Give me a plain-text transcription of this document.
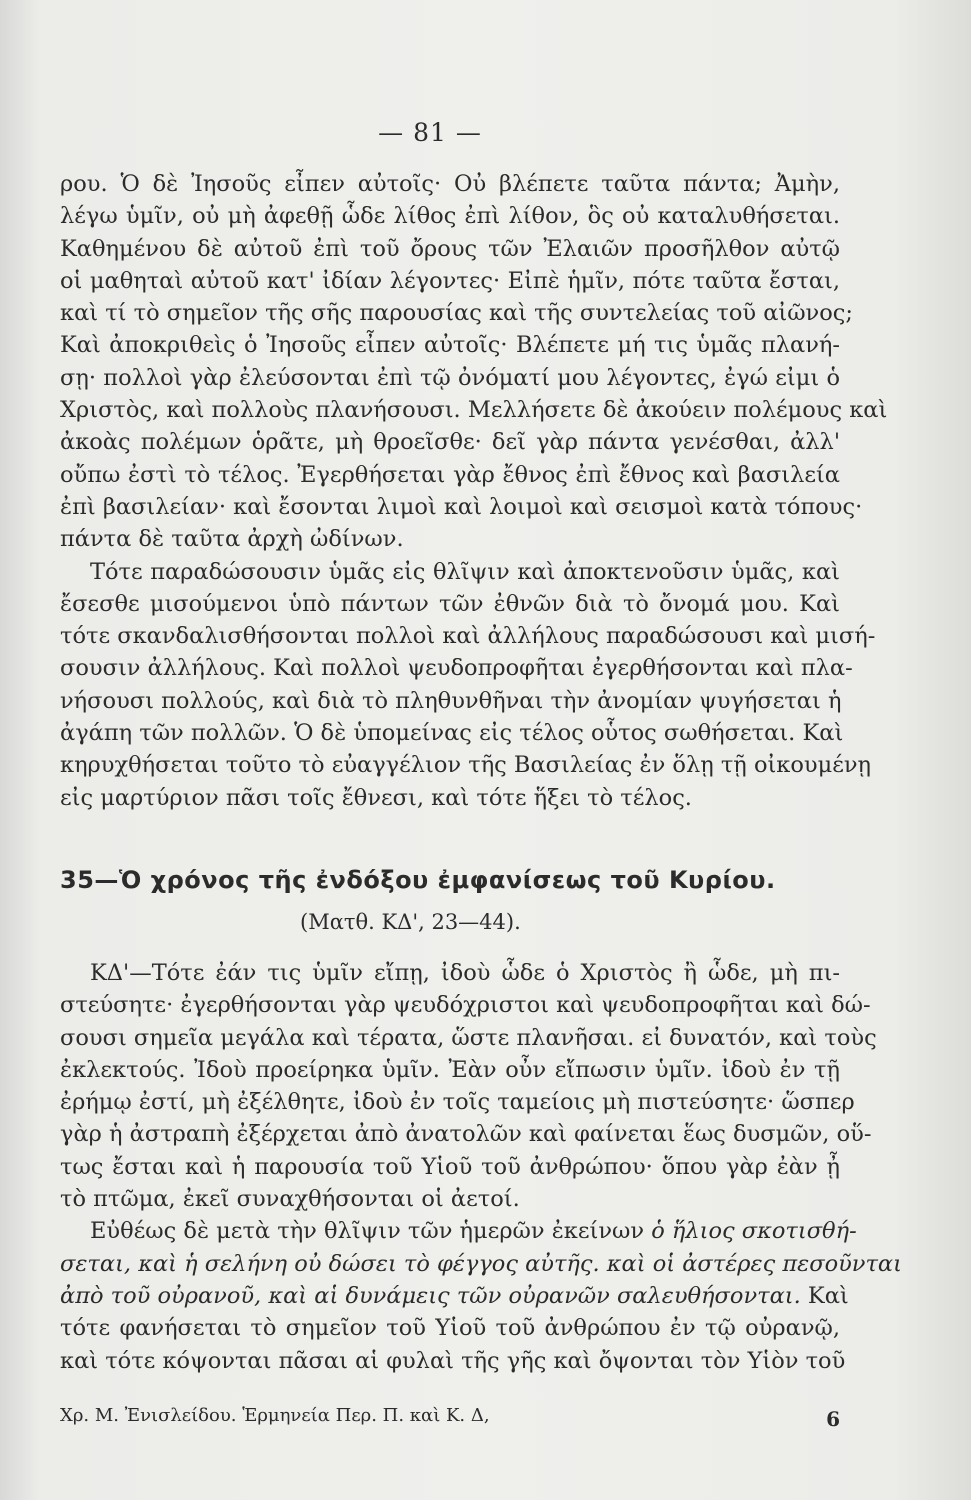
— 81 —
ρου. Ὁ δὲ Ἰησοῦς εἶπεν αὐτοῖς· Οὐ βλέπετε ταῦτα πάντα; Ἀμὴν,
λέγω ὑμῖν, οὐ μὴ ἀφεθῇ ὧδε λίθος ἐπὶ λίθον, ὃς οὐ καταλυθήσεται.
Καθημένου δὲ αὐτοῦ ἐπὶ τοῦ ὄρους τῶν Ἐλαιῶν προσῆλθον αὐτῷ
οἱ μαθηταὶ αὐτοῦ κατ' ἰδίαν λέγοντες· Εἰπὲ ἡμῖν, πότε ταῦτα ἔσται,
καὶ τί τὸ σημεῖον τῆς σῆς παρουσίας καὶ τῆς συντελείας τοῦ αἰῶνος;
Καὶ ἀποκριθεὶς ὁ Ἰησοῦς εἶπεν αὐτοῖς· Βλέπετε μή τις ὑμᾶς πλανή-
σῃ· πολλοὶ γὰρ ἐλεύσονται ἐπὶ τῷ ὀνόματί μου λέγοντες, ἐγώ εἰμι ὁ
Χριστὸς, καὶ πολλοὺς πλανήσουσι. Μελλήσετε δὲ ἀκούειν πολέμους καὶ
ἀκοὰς πολέμων ὁρᾶτε, μὴ θροεῖσθε· δεῖ γὰρ πάντα γενέσθαι, ἀλλ'
οὔπω ἐστὶ τὸ τέλος. Ἐγερθήσεται γὰρ ἔθνος ἐπὶ ἔθνος καὶ βασιλεία
ἐπὶ βασιλείαν· καὶ ἔσονται λιμοὶ καὶ λοιμοὶ καὶ σεισμοὶ κατὰ τόπους·
πάντα δὲ ταῦτα ἀρχὴ ὠδίνων.
Τότε παραδώσουσιν ὑμᾶς εἰς θλῖψιν καὶ ἀποκτενοῦσιν ὑμᾶς, καὶ
ἔσεσθε μισούμενοι ὑπὸ πάντων τῶν ἐθνῶν διὰ τὸ ὄνομά μου. Καὶ
τότε σκανδαλισθήσονται πολλοὶ καὶ ἀλλήλους παραδώσουσι καὶ μισή-
σουσιν ἀλλήλους. Καὶ πολλοὶ ψευδοπροφῆται ἐγερθήσονται καὶ πλα-
νήσουσι πολλούς, καὶ διὰ τὸ πληθυνθῆναι τὴν ἀνομίαν ψυγήσεται ἡ
ἀγάπη τῶν πολλῶν. Ὁ δὲ ὑπομείνας εἰς τέλος οὗτος σωθήσεται. Καὶ
κηρυχθήσεται τοῦτο τὸ εὐαγγέλιον τῆς Βασιλείας ἐν ὅλῃ τῇ οἰκουμένῃ
εἰς μαρτύριον πᾶσι τοῖς ἔθνεσι, καὶ τότε ἥξει τὸ τέλος.
35—Ὁ χρόνος τῆς ἐνδόξου ἐμφανίσεως τοῦ Κυρίου.
(Ματθ. ΚΔ', 23—44).
ΚΔ'—Τότε ἐάν τις ὑμῖν εἴπῃ, ἰδοὺ ὧδε ὁ Χριστὸς ἢ ὧδε, μὴ πι-
στεύσητε· ἐγερθήσονται γὰρ ψευδόχριστοι καὶ ψευδοπροφῆται καὶ δώ-
σουσι σημεῖα μεγάλα καὶ τέρατα, ὥστε πλανῆσαι. εἰ δυνατόν, καὶ τοὺς
ἐκλεκτούς. Ἰδοὺ προείρηκα ὑμῖν. Ἐὰν οὖν εἴπωσιν ὑμῖν. ἰδοὺ ἐν τῇ
ἐρήμῳ ἐστί, μὴ ἐξέλθητε, ἰδοὺ ἐν τοῖς ταμείοις μὴ πιστεύσητε· ὥσπερ
γὰρ ἡ ἀστραπὴ ἐξέρχεται ἀπὸ ἀνατολῶν καὶ φαίνεται ἕως δυσμῶν, οὕ-
τως ἔσται καὶ ἡ παρουσία τοῦ Υἱοῦ τοῦ ἀνθρώπου· ὅπου γὰρ ἐὰν ᾖ
τὸ πτῶμα, ἐκεῖ συναχθήσονται οἱ ἀετοί.
Εὐθέως δὲ μετὰ τὴν θλῖψιν τῶν ἡμερῶν ἐκείνων ὁ ἥλιος σκοτισθή-
σεται, καὶ ἡ σελήνη οὐ δώσει τὸ φέγγος αὐτῆς. καὶ οἱ ἀστέρες πεσοῦνται
ἀπὸ τοῦ οὐρανοῦ, καὶ αἱ δυνάμεις τῶν οὐρανῶν σαλευθήσονται. Καὶ
τότε φανήσεται τὸ σημεῖον τοῦ Υἱοῦ τοῦ ἀνθρώπου ἐν τῷ οὐρανῷ,
καὶ τότε κόψονται πᾶσαι αἱ φυλαὶ τῆς γῆς καὶ ὄψονται τὸν Υἱὸν τοῦ
Χρ. Μ. Ἐνισλείδου. Ἑρμηνεία Περ. Π. καὶ Κ. Δ,	6
